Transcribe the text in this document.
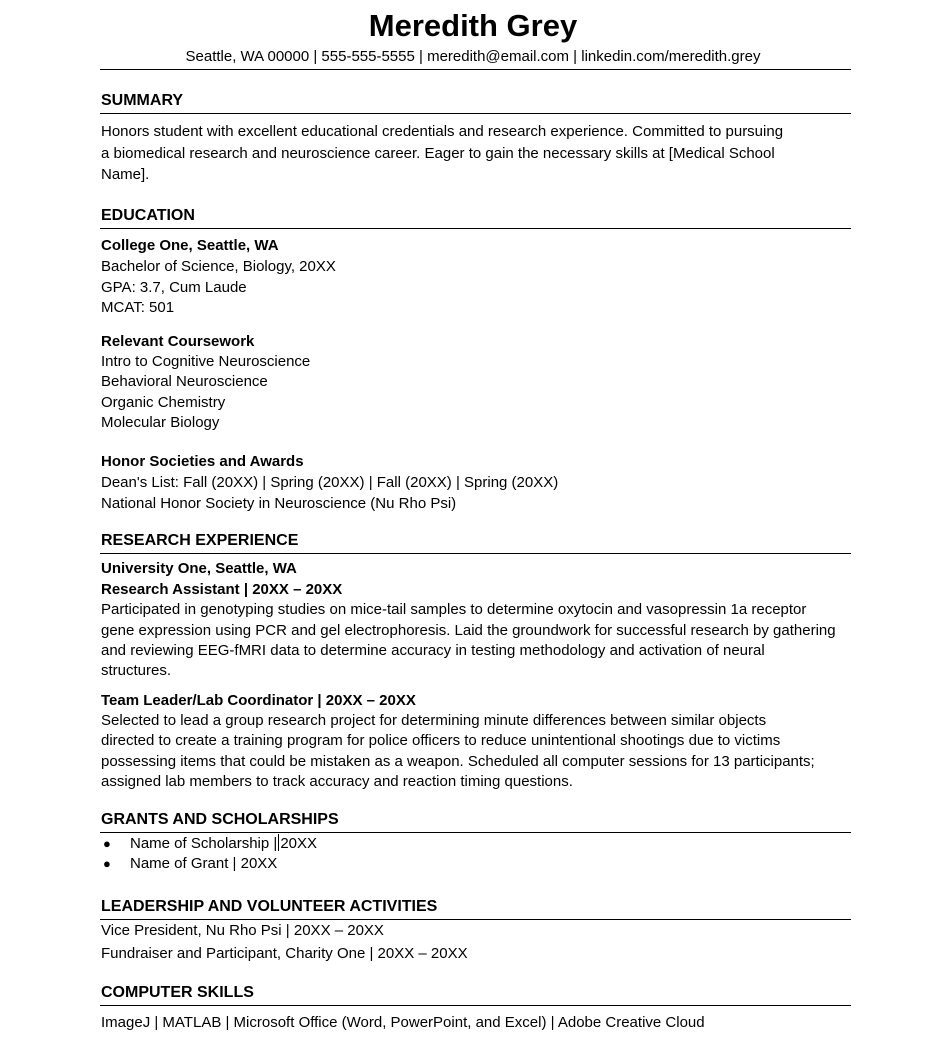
Meredith Grey
Seattle, WA 00000 | 555-555-5555 | meredith@email.com | linkedin.com/meredith.grey
SUMMARY
Honors student with excellent educational credentials and research experience. Committed to pursuing
a biomedical research and neuroscience career. Eager to gain the necessary skills at [Medical School
Name].
EDUCATION
College One, Seattle, WA
Bachelor of Science, Biology, 20XX
GPA: 3.7, Cum Laude
MCAT: 501
Relevant Coursework
Intro to Cognitive Neuroscience
Behavioral Neuroscience
Organic Chemistry
Molecular Biology
Honor Societies and Awards
Dean's List: Fall (20XX) | Spring (20XX) | Fall (20XX) | Spring (20XX)
National Honor Society in Neuroscience (Nu Rho Psi)
RESEARCH EXPERIENCE
University One, Seattle, WA
Research Assistant | 20XX – 20XX
Participated in genotyping studies on mice-tail samples to determine oxytocin and vasopressin 1a receptor
gene expression using PCR and gel electrophoresis. Laid the groundwork for successful research by gathering
and reviewing EEG-fMRI data to determine accuracy in testing methodology and activation of neural
structures.
Team Leader/Lab Coordinator | 20XX – 20XX
Selected to lead a group research project for determining minute differences between similar objects
directed to create a training program for police officers to reduce unintentional shootings due to victims
possessing items that could be mistaken as a weapon. Scheduled all computer sessions for 13 participants;
assigned lab members to track accuracy and reaction timing questions.
GRANTS AND SCHOLARSHIPS
● Name of Scholarship | 20XX
● Name of Grant | 20XX
LEADERSHIP AND VOLUNTEER ACTIVITIES
Vice President, Nu Rho Psi | 20XX – 20XX
Fundraiser and Participant, Charity One | 20XX – 20XX
COMPUTER SKILLS
ImageJ | MATLAB | Microsoft Office (Word, PowerPoint, and Excel) | Adobe Creative Cloud
